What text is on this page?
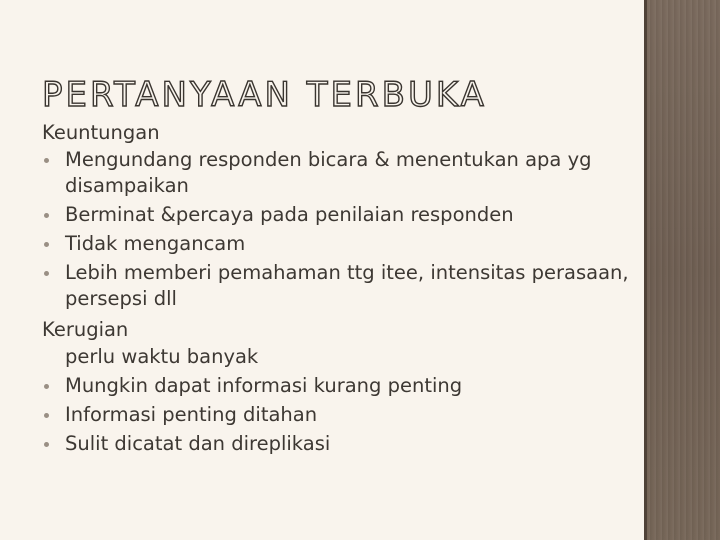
PERTANYAAN TERBUKA

Keuntungan

Mengundang responden bicara & menentukan apa yg disampaikan
Berminat &percaya pada penilaian responden
Tidak mengancam
Lebih memberi pemahaman ttg itee, intensitas perasaan, persepsi dll

Kerugian

perlu waktu banyak
Mungkin dapat informasi kurang penting
Informasi penting ditahan
Sulit dicatat dan direplikasi
